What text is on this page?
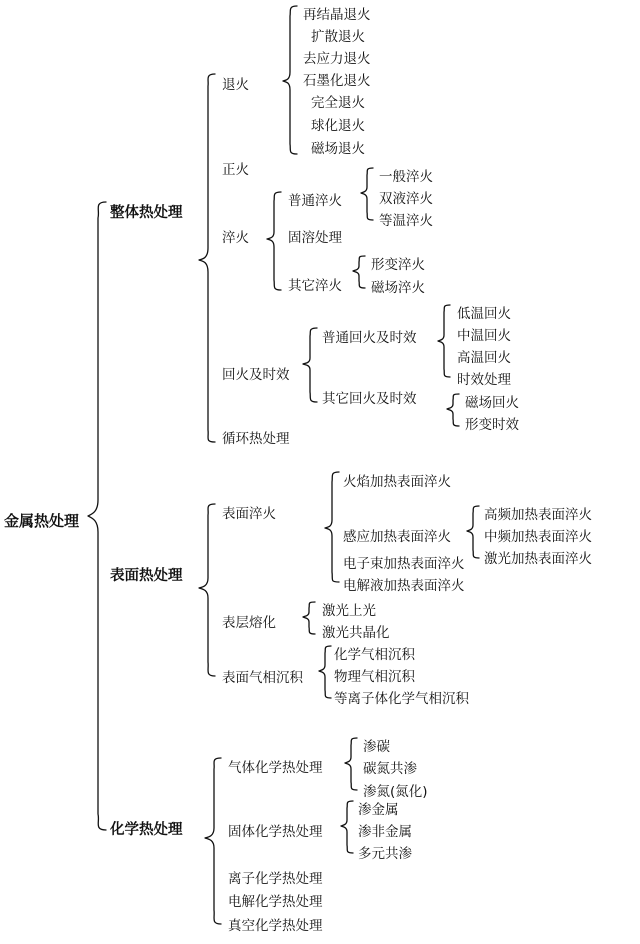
金属热处理
整体热处理
退火
再结晶退火
扩散退火
去应力退火
石墨化退火
完全退火
球化退火
磁场退火
正火
淬火
普通淬火
一般淬火
双液淬火
等温淬火
固溶处理
其它淬火
形变淬火
磁场淬火
回火及时效
普通回火及时效
低温回火
中温回火
高温回火
时效处理
其它回火及时效	磁场回火
形变时效
循环热处理
表面热处理
表面淬火
火焰加热表面淬火
感应加热表面淬火
高频加热表面淬火
中频加热表面淬火
激光加热表面淬火
电子束加热表面淬火
电解液加热表面淬火
表层熔化
激光上光
激光共晶化
表面气相沉积
化学气相沉积
物理气相沉积
等离子体化学气相沉积
化学热处理
气体化学热处理
渗碳
碳氮共渗
渗氮(氮化)
固体化学热处理
渗金属
渗非金属
多元共渗
离子化学热处理
电解化学热处理
真空化学热处理
